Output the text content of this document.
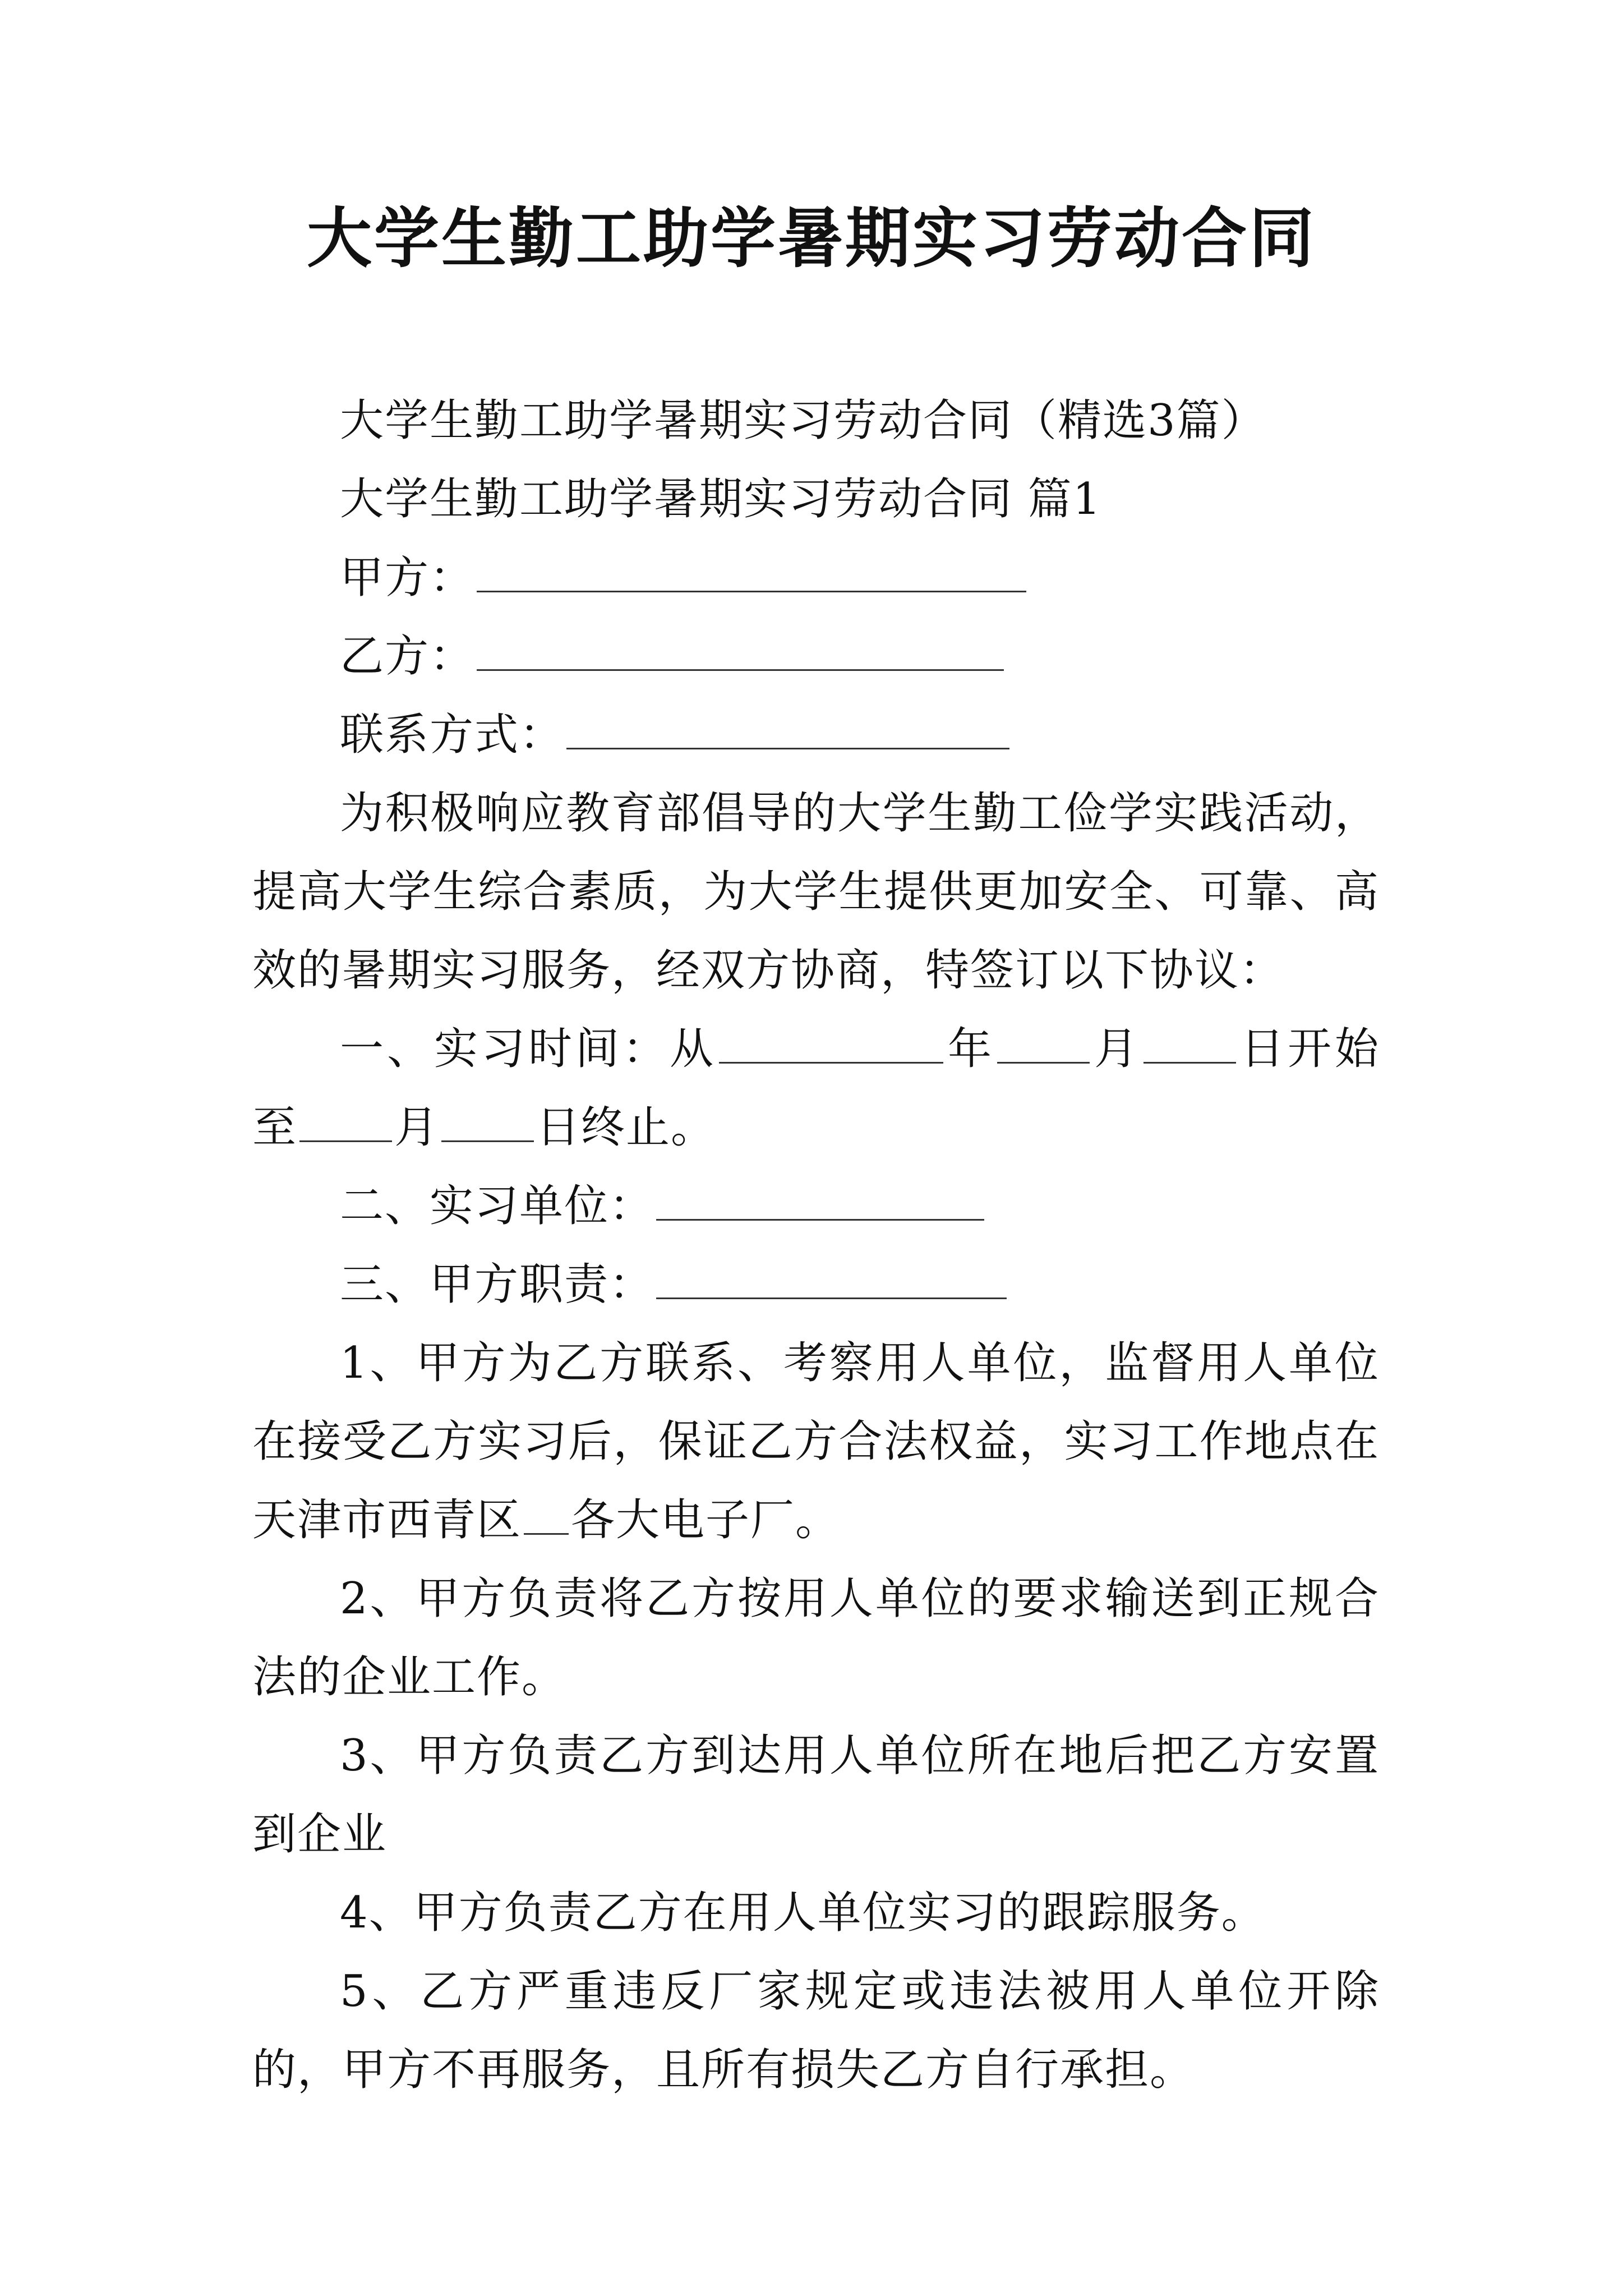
大学生勤工助学暑期实习劳动合同

大学生勤工助学暑期实习劳动合同（精选3篇）

大学生勤工助学暑期实习劳动合同 篇1

甲方：

乙方：

联系方式：

为积极响应教育部倡导的大学生勤工俭学实践活动，提高大学生综合素质，为大学生提供更加安全、可靠、高效的暑期实习服务，经双方协商，特签订以下协议：

一、实习时间：从	年 月 日开始至 月 日终止。

二、实习单位：

三、甲方职责：

1、甲方为乙方联系、考察用人单位，监督用人单位在接受乙方实习后，保证乙方合法权益，实习工作地点在天津市西青区 各大电子厂。

2、甲方负责将乙方按用人单位的要求输送到正规合法的企业工作。

3、甲方负责乙方到达用人单位所在地后把乙方安置到企业

4、甲方负责乙方在用人单位实习的跟踪服务。

5、乙方严重违反厂家规定或违法被用人单位开除的，甲方不再服务，且所有损失乙方自行承担。
